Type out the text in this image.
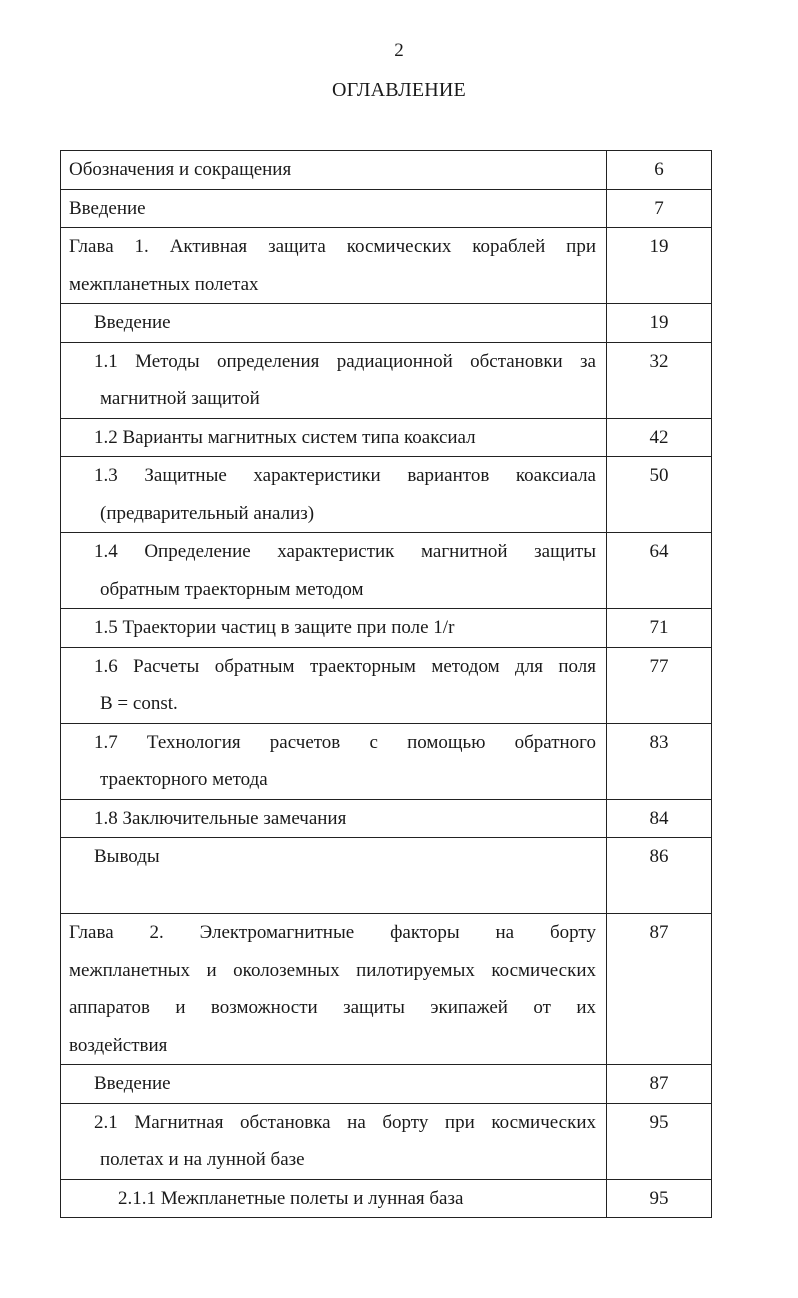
2
ОГЛАВЛЕНИЕ
Обозначения и сокращения	6

Введение	7

Глава 1. Активная защита космических кораблей при
межпланетных полетах	19

Введение	19

1.1 Методы определения радиационной обстановки за
магнитной защитой	32

1.2 Варианты магнитных систем типа коаксиал	42

1.3 Защитные характеристики вариантов коаксиала
(предварительный анализ)	50

1.4 Определение характеристик магнитной защиты
обратным траекторным методом	64

1.5 Траектории частиц в защите при поле 1/r	71

1.6 Расчеты обратным траекторным методом для поля
B = const.	77

1.7 Технология расчетов с помощью обратного
траекторного метода	83

1.8 Заключительные замечания	84

Выводы	86

Глава 2. Электромагнитные факторы на борту
межпланетных и околоземных пилотируемых космических
аппаратов и возможности защиты экипажей от их
воздействия	87

Введение	87

2.1 Магнитная обстановка на борту при космических
полетах и на лунной базе	95

2.1.1 Межпланетные полеты и лунная база	95
